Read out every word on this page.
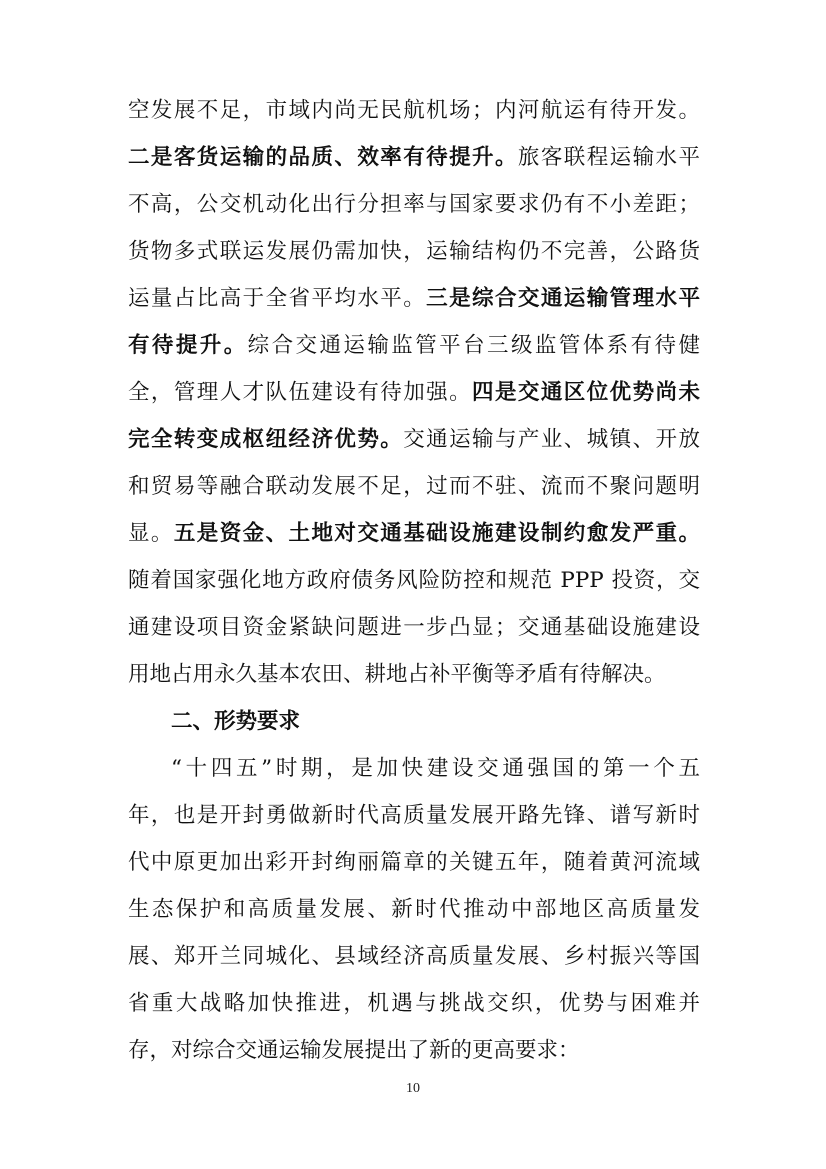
空发展不足，市域内尚无民航机场；内河航运有待开发。
二是客货运输的品质、效率有待提升。旅客联程运输水平
不高，公交机动化出行分担率与国家要求仍有不小差距；
货物多式联运发展仍需加快，运输结构仍不完善，公路货
运量占比高于全省平均水平。三是综合交通运输管理水平
有待提升。综合交通运输监管平台三级监管体系有待健
全，管理人才队伍建设有待加强。四是交通区位优势尚未
完全转变成枢纽经济优势。交通运输与产业、城镇、开放
和贸易等融合联动发展不足，过而不驻、流而不聚问题明
显。五是资金、土地对交通基础设施建设制约愈发严重。
随着国家强化地方政府债务风险防控和规范 PPP 投资，交
通建设项目资金紧缺问题进一步凸显；交通基础设施建设
用地占用永久基本农田、耕地占补平衡等矛盾有待解决。
二、形势要求
“十四五”时期，是加快建设交通强国的第一个五
年，也是开封勇做新时代高质量发展开路先锋、谱写新时
代中原更加出彩开封绚丽篇章的关键五年，随着黄河流域
生态保护和高质量发展、新时代推动中部地区高质量发
展、郑开兰同城化、县域经济高质量发展、乡村振兴等国
省重大战略加快推进，机遇与挑战交织，优势与困难并
存，对综合交通运输发展提出了新的更高要求：
10
